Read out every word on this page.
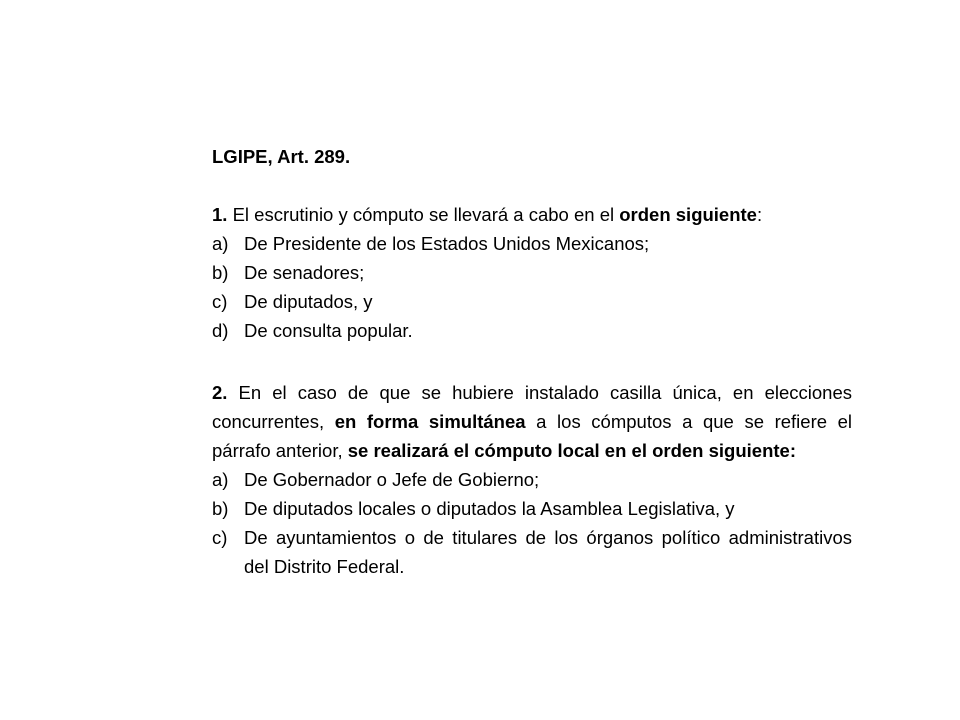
LGIPE, Art. 289.

1. El escrutinio y cómputo se llevará a cabo en el orden siguiente:

a) De Presidente de los Estados Unidos Mexicanos;
b) De senadores;
c) De diputados, y
d) De consulta popular.

2. En el caso de que se hubiere instalado casilla única, en elecciones concurrentes, en forma simultánea a los cómputos a que se refiere el párrafo anterior, se realizará el cómputo local en el orden siguiente:

a) De Gobernador o Jefe de Gobierno;
b) De diputados locales o diputados la Asamblea Legislativa, y
c) De ayuntamientos o de titulares de los órganos político administrativos del Distrito Federal.
